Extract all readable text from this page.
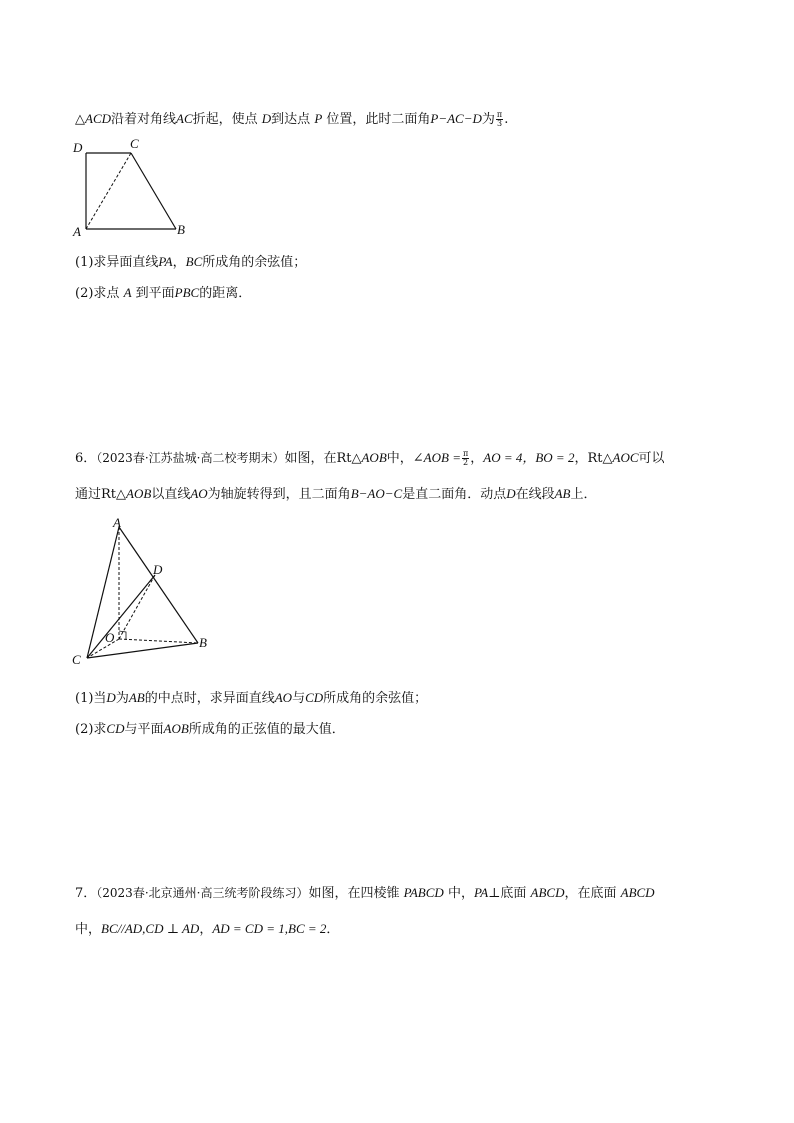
△ACD沿着对角线AC折起，使点 D到达点 P 位置，此时二面角P−AC−D为 $\frac{\pi}{3}$ .
D	C
A	B
(1)求异面直线PA，BC所成角的余弦值；
(2)求点 A 到平面PBC的距离．
6．（2023春·江苏盐城·高二校考期末）如图，在Rt△AOB中，∠AOB = $\frac{\pi}{2}$ ，AO = 4，BO = 2，Rt△AOC可以
通过Rt△AOB以直线AO为轴旋转得到，且二面角B−AO−C是直二面角．动点D在线段AB上．
A
D
O
C
B
(1)当D为AB的中点时，求异面直线AO与CD所成角的余弦值；
(2)求CD与平面AOB所成角的正弦值的最大值．
7．（2023春·北京通州·高三统考阶段练习）如图，在四棱锥 PABCD 中，PA⊥底面 ABCD，在底面 ABCD
中，BC//AD,CD ⊥ AD，AD = CD = 1,BC = 2．
